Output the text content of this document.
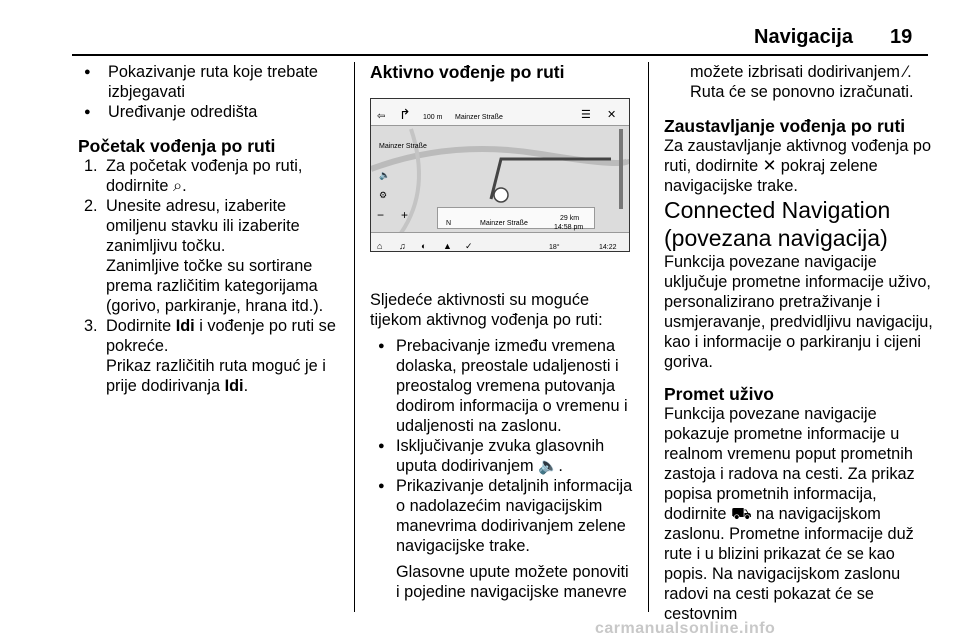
Navigacija 19

● Pokazivanje ruta koje trebate izbjegavati

● Uređivanje odredišta

Početak vođenja po ruti

1. Za početak vođenja po ruti, dodirnite ⌕.

2. Unesite adresu, izaberite omiljenu stavku ili izaberite zanimljivu točku.

Zanimljive točke su sortirane prema različitim kategorijama (gorivo, parkiranje, hrana itd.).

3. Dodirnite Idi i vođenje po ruti se pokreće.

Prikaz različitih ruta moguć je i prije dodirivanja Idi.

Aktivno vođenje po ruti

⇦ ↱ 100 m Mainzer Straße	☰ ✕
Mainzer Straße
🔈
⚙
− +
N	Mainzer Straße
29 km
14:58 pm
⌂ ♫ ◐ ▲ ✓	18°	14:22

Sljedeće aktivnosti su moguće tijekom aktivnog vođenja po ruti:

● Prebacivanje između vremena dolaska, preostale udaljenosti i preostalog vremena putovanja dodirom informacija o vremenu i udaljenosti na zaslonu.

● Isključivanje zvuka glasovnih uputa dodirivanjem 🔈.

● Prikazivanje detaljnih informacija o nadolazećim navigacijskim manevrima dodirivanjem zelene navigacijske trake.

Glasovne upute možete ponoviti i pojedine navigacijske manevre

možete izbrisati dodirivanjem ⁄. Ruta će se ponovno izračunati.

Zaustavljanje vođenja po ruti

Za zaustavljanje aktivnog vođenja po ruti, dodirnite ✕ pokraj zelene navigacijske trake.

Connected Navigation (povezana navigacija)

Funkcija povezane navigacije uključuje prometne informacije uživo, personalizirano pretraživanje i usmjeravanje, predvidljivu navigaciju, kao i informacije o parkiranju i cijeni goriva.

Promet uživo

Funkcija povezane navigacije pokazuje prometne informacije u realnom vremenu poput prometnih zastoja i radova na cesti. Za prikaz popisa prometnih informacija, dodirnite ⛟ na navigacijskom zaslonu. Prometne informacije duž rute i u blizini prikazat će se kao popis. Na navigacijskom zaslonu radovi na cesti pokazat će se cestovnim

carmanualsonline.info
